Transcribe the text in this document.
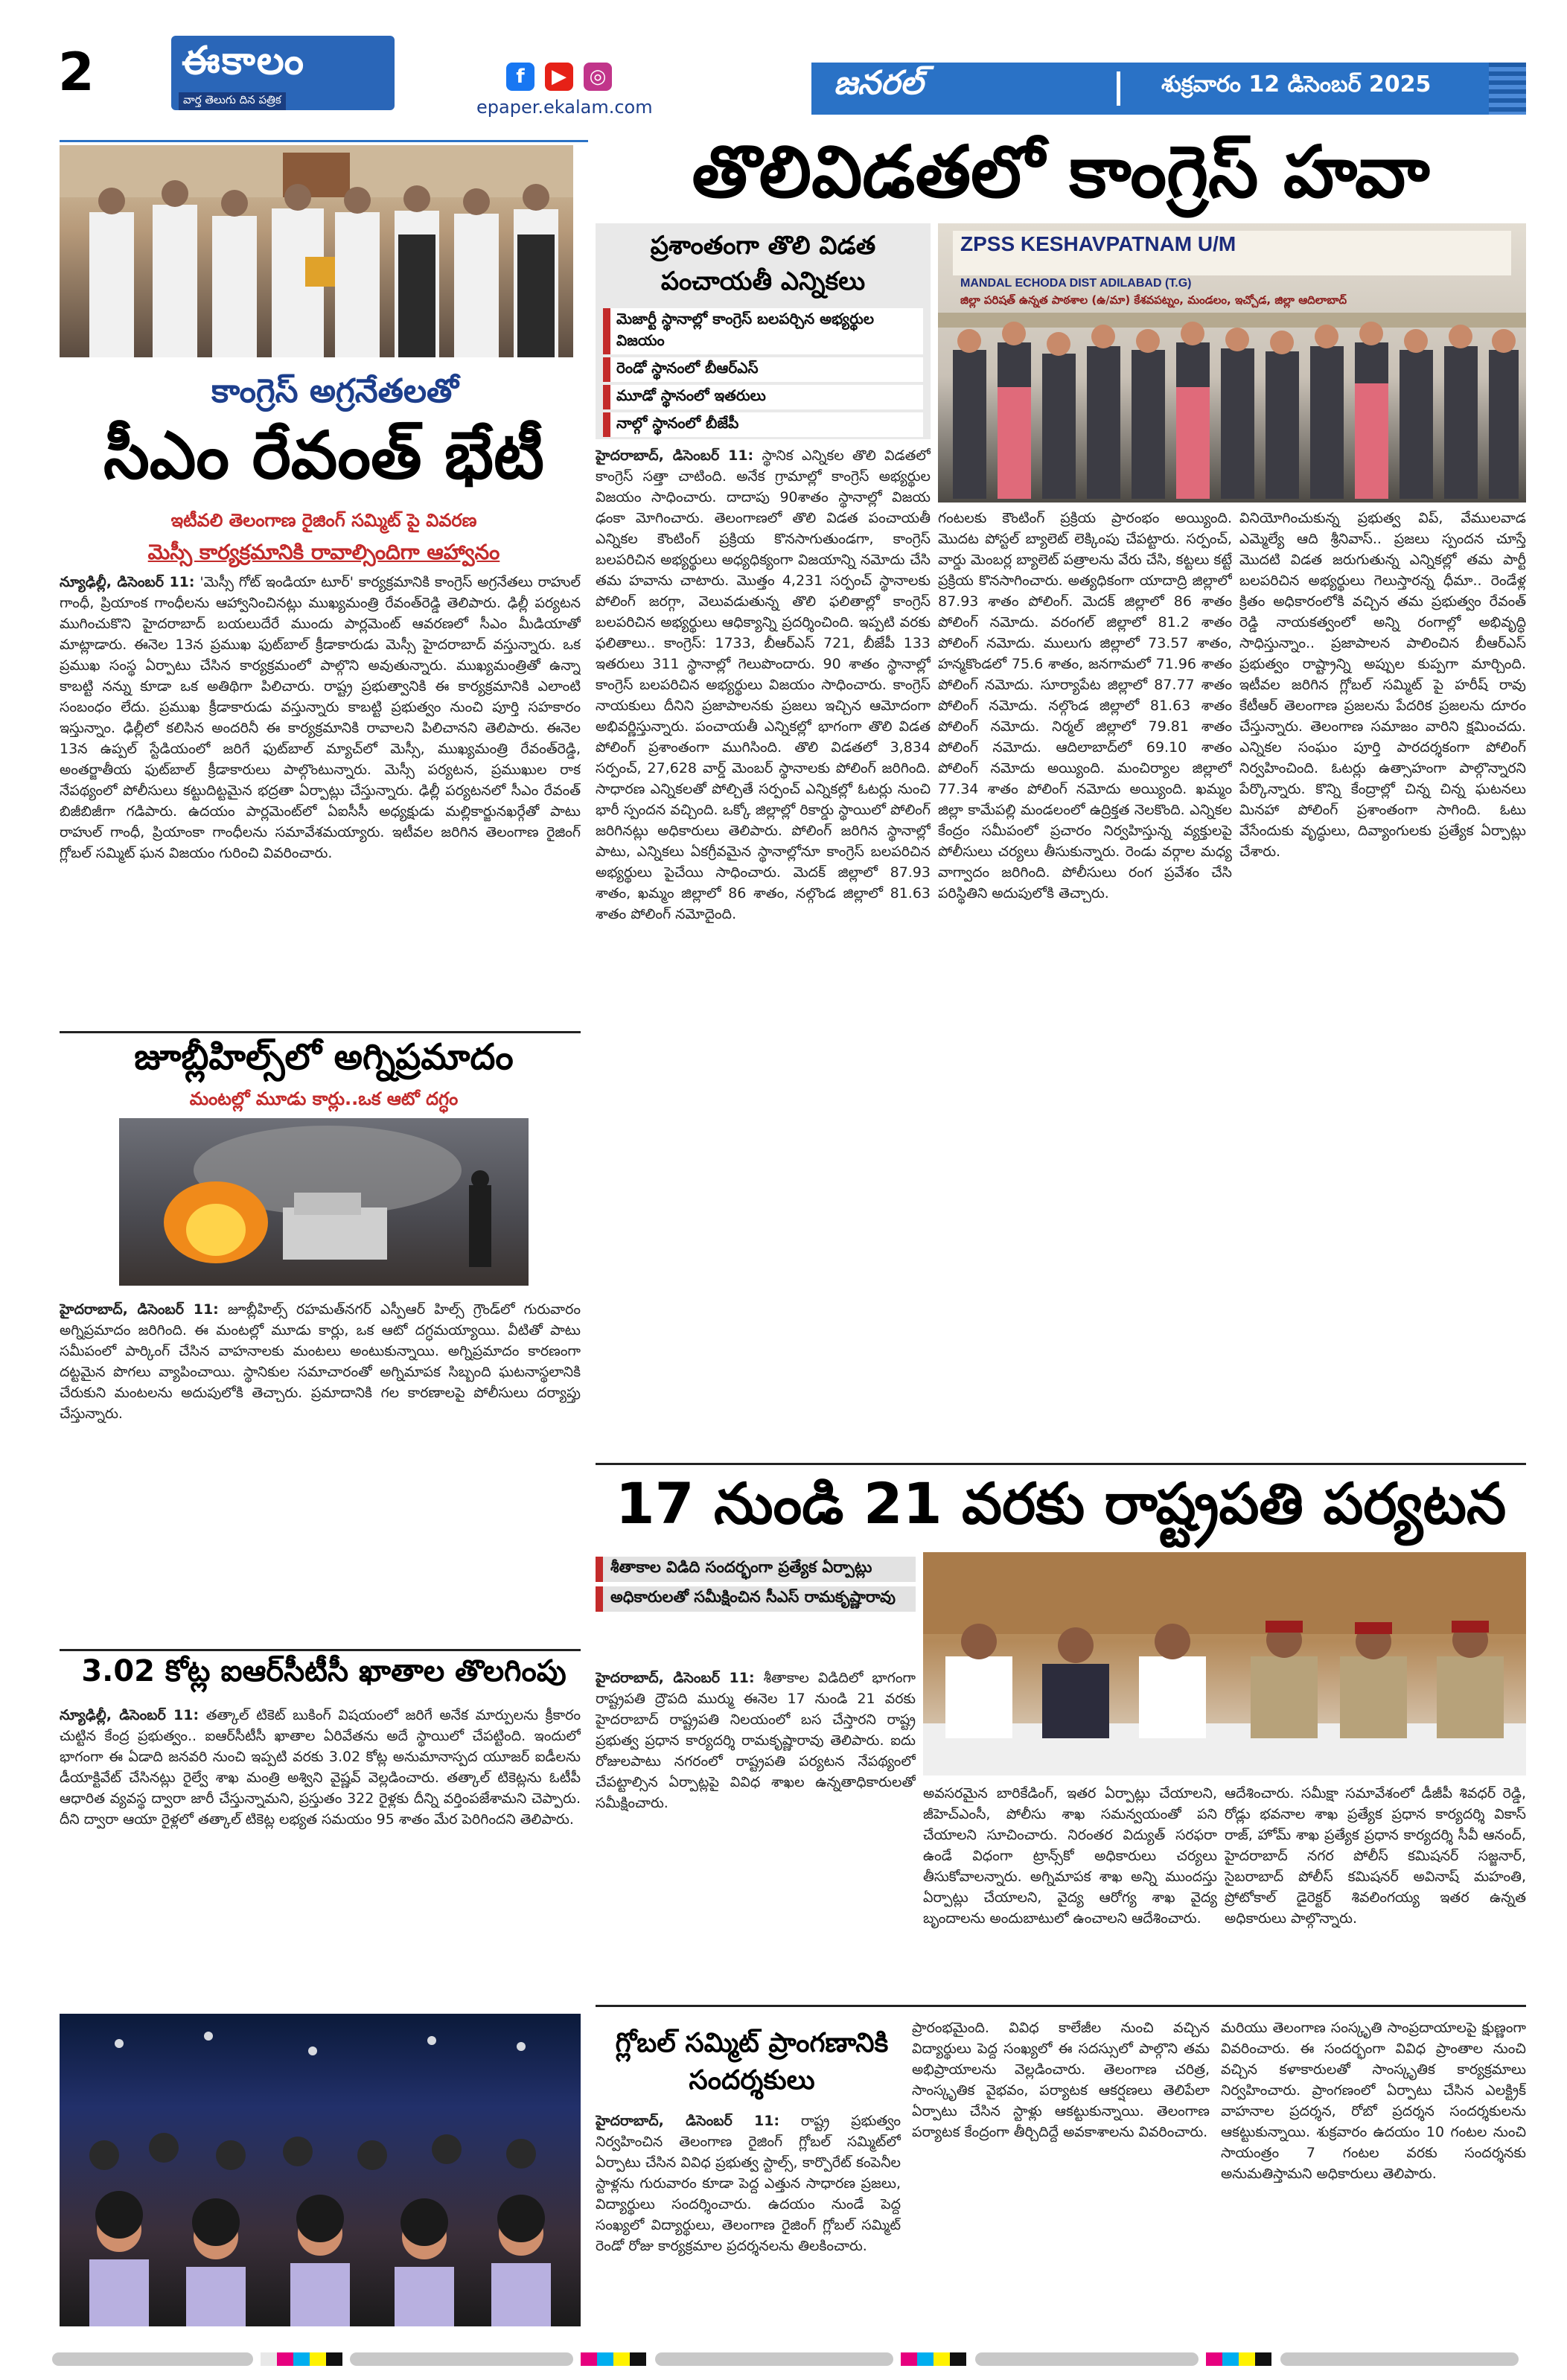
2	ఈకాలం
వార్త తెలుగు దిన పత్రిక
f ▶ ◎
epaper.ekalam.com
జనరల్	శుక్రవారం 12 డిసెంబర్ 2025
కాంగ్రెస్ అగ్రనేతలతో
సీఎం రేవంత్ భేటీ
ఇటీవలి తెలంగాణ రైజింగ్ సమ్మిట్ పై వివరణ
మెస్సీ కార్యక్రమానికి రావాల్సిందిగా ఆహ్వానం
న్యూఢిల్లీ, డిసెంబర్ 11: 'మెస్సీ గోట్ ఇండియా టూర్' కార్యక్రమానికి కాంగ్రెస్ అగ్రనేతలు రాహుల్ గాంధీ, ప్రియాంక గాంధీలను ఆహ్వానించినట్లు ముఖ్యమంత్రి రేవంత్‌రెడ్డి తెలిపారు. ఢిల్లీ పర్యటన ముగించుకొని హైదరాబాద్ బయలుదేరే ముందు పార్లమెంట్ ఆవరణలో సీఎం మీడియాతో మాట్లాడారు. ఈనెల 13న ప్రముఖ ఫుట్‌బాల్ క్రీడాకారుడు మెస్సీ హైదరాబాద్ వస్తున్నారు. ఒక ప్రముఖ సంస్థ ఏర్పాటు చేసిన కార్యక్రమంలో పాల్గొని అవుతున్నారు. ముఖ్యమంత్రితో ఉన్నా కాబట్టి నన్ను కూడా ఒక అతిథిగా పిలిచారు. రాష్ట్ర ప్రభుత్వానికి ఈ కార్యక్రమానికి ఎలాంటి సంబంధం లేదు. ప్రముఖ క్రీడాకారుడు వస్తున్నారు కాబట్టి ప్రభుత్వం నుంచి పూర్తి సహకారం ఇస్తున్నాం. ఢిల్లీలో కలిసిన అందరినీ ఈ కార్యక్రమానికి రావాలని పిలిచానని తెలిపారు. ఈనెల 13న ఉప్పల్ స్టేడియంలో జరిగే ఫుట్‌బాల్ మ్యాచ్‌లో మెస్సీ, ముఖ్యమంత్రి రేవంత్‌రెడ్డి, అంతర్జాతీయ ఫుట్‌బాల్ క్రీడాకారులు పాల్గొంటున్నారు. మెస్సీ పర్యటన, ప్రముఖుల రాక నేపథ్యంలో పోలీసులు కట్టుదిట్టమైన భద్రతా ఏర్పాట్లు చేస్తున్నారు. ఢిల్లీ పర్యటనలో సీఎం రేవంత్ బిజీబిజీగా గడిపారు. ఉదయం పార్లమెంట్‌లో ఏఐసీసీ అధ్యక్షుడు మల్లికార్జునఖర్గేతో పాటు రాహుల్ గాంధీ, ప్రియాంకా గాంధీలను సమావేశమయ్యారు. ఇటీవల జరిగిన తెలంగాణ రైజింగ్ గ్లోబల్ సమ్మిట్ ఘన విజయం గురించి వివరించారు.
జూబ్లీహిల్స్‌లో అగ్నిప్రమాదం
మంటల్లో మూడు కార్లు..ఒక ఆటో దగ్ధం
హైదరాబాద్, డిసెంబర్ 11: జూబ్లీహిల్స్ రహమత్‌నగర్ ఎస్పీఆర్ హిల్స్ గ్రౌండ్‌లో గురువారం అగ్నిప్రమాదం జరిగింది. ఈ మంటల్లో మూడు కార్లు, ఒక ఆటో దగ్ధమయ్యాయి. వీటితో పాటు సమీపంలో పార్కింగ్ చేసిన వాహనాలకు మంటలు అంటుకున్నాయి. అగ్నిప్రమాదం కారణంగా దట్టమైన పొగలు వ్యాపించాయి. స్థానికుల సమాచారంతో అగ్నిమాపక సిబ్బంది ఘటనాస్థలానికి చేరుకుని మంటలను అదుపులోకి తెచ్చారు. ప్రమాదానికి గల కారణాలపై పోలీసులు దర్యాప్తు చేస్తున్నారు.
3.02 కోట్ల ఐఆర్‌సీటీసీ ఖాతాల తొలగింపు
న్యూఢిల్లీ, డిసెంబర్ 11: తత్కాల్ టికెట్ బుకింగ్ విషయంలో జరిగే అనేక మార్పులను క్రీకారం చుట్టిన కేంద్ర ప్రభుత్వం.. ఐఆర్‌సీటీసీ ఖాతాల ఏరివేతను అదే స్థాయిలో చేపట్టింది. ఇందులో భాగంగా ఈ ఏడాది జనవరి నుంచి ఇప్పటి వరకు 3.02 కోట్ల అనుమానాస్పద యూజర్ ఐడీలను డీయాక్టివేట్ చేసినట్లు రైల్వే శాఖ మంత్రి అశ్విని వైష్ణవ్ వెల్లడించారు. తత్కాల్ టికెట్లను ఓటీపీ ఆధారిత వ్యవస్థ ద్వారా జారీ చేస్తున్నామని, ప్రస్తుతం 322 రైళ్లకు దీన్ని వర్తింపజేశామని చెప్పారు. దీని ద్వారా ఆయా రైళ్లలో తత్కాల్ టికెట్ల లభ్యత సమయం 95 శాతం మేర పెరిగిందని తెలిపారు.
తొలివిడతలో కాంగ్రెస్ హవా
ప్రశాంతంగా తొలి విడత పంచాయతీ ఎన్నికలు
మెజార్టీ స్థానాల్లో కాంగ్రెస్ బలపర్చిన అభ్యర్థుల విజయం
రెండో స్థానంలో బీఆర్ఎస్
మూడో స్థానంలో ఇతరులు
నాల్గో స్థానంలో బీజేపీ
ZPSS KESHAVPATNAM U/M
MANDAL ECHODA DIST ADILABAD (T.G)
జిల్లా పరిషత్ ఉన్నత పాఠశాల (ఉ/మా) కేశవపట్నం, మండలం, ఇచ్చోడ, జిల్లా ఆదిలాబాద్
హైదరాబాద్, డిసెంబర్ 11: స్థానిక ఎన్నికల తొలి విడతలో కాంగ్రెస్ సత్తా చాటింది. అనేక గ్రామాల్లో కాంగ్రెస్ అభ్యర్థుల విజయం సాధించారు. దాదాపు 90శాతం స్థానాల్లో విజయ ఢంకా మోగించారు. తెలంగాణలో తొలి విడత పంచాయతీ ఎన్నికల కౌంటింగ్ ప్రక్రియ కొనసాగుతుండగా, కాంగ్రెస్ బలపరిచిన అభ్యర్థులు అధ్యధిక్యంగా విజయాన్ని నమోదు చేసి తమ హవాను చాటారు. మొత్తం 4,231 సర్పంచ్ స్థానాలకు పోలింగ్ జరగ్గా, వెలువడుతున్న తొలి ఫలితాల్లో కాంగ్రెస్ బలపరిచిన అభ్యర్థులు ఆధిక్యాన్ని ప్రదర్శించింది. ఇప్పటి వరకు ఫలితాలు.. కాంగ్రెస్: 1733, బీఆర్ఎస్ 721, బీజేపీ 133 ఇతరులు 311 స్థానాల్లో గెలుపొందారు. 90 శాతం స్థానాల్లో కాంగ్రెస్ బలపరిచిన అభ్యర్థులు విజయం సాధించారు. కాంగ్రెస్ నాయకులు దీనిని ప్రజాపాలనకు ప్రజలు ఇచ్చిన ఆమోదంగా అభివర్ణిస్తున్నారు. పంచాయతీ ఎన్నికల్లో భాగంగా తొలి విడత పోలింగ్ ప్రశాంతంగా ముగిసింది. తొలి విడతలో 3,834 సర్పంచ్, 27,628 వార్డ్ మెంబర్ స్థానాలకు పోలింగ్ జరిగింది. సాధారణ ఎన్నికలతో పోల్చితే సర్పంచ్ ఎన్నికల్లో ఓటర్లు నుంచి భారీ స్పందన వచ్చింది. ఒక్కో జిల్లాల్లో రికార్డు స్థాయిలో పోలింగ్ జరిగినట్లు అధికారులు తెలిపారు. పోలింగ్ జరిగిన స్థానాల్లో పాటు, ఎన్నికలు ఏకగ్రీవమైన స్థానాల్లోనూ కాంగ్రెస్ బలపరిచిన అభ్యర్థులు పైచేయి సాధించారు. మెదక్ జిల్లాలో 87.93 శాతం, ఖమ్మం జిల్లాలో 86 శాతం, నల్గొండ జిల్లాలో 81.63 శాతం పోలింగ్ నమోదైంది.
గంటలకు కౌంటింగ్ ప్రక్రియ ప్రారంభం అయ్యింది. మొదట పోస్టల్ బ్యాలెట్ లెక్కింపు చేపట్టారు. సర్పంచ్, వార్డు మెంబర్ల బ్యాలెట్ పత్రాలను వేరు చేసి, కట్టలు కట్టే ప్రక్రియ కొనసాగించారు. అత్యధికంగా యాదాద్రి జిల్లాలో 87.93 శాతం పోలింగ్. మెదక్ జిల్లాలో 86 శాతం పోలింగ్ నమోదు. వరంగల్ జిల్లాలో 81.2 శాతం పోలింగ్ నమోదు. ములుగు జిల్లాలో 73.57 శాతం, హన్మకొండలో 75.6 శాతం, జనగామలో 71.96 శాతం పోలింగ్ నమోదు. సూర్యాపేట జిల్లాలో 87.77 శాతం పోలింగ్ నమోదు. నల్గొండ జిల్లాలో 81.63 శాతం పోలింగ్ నమోదు. నిర్మల్ జిల్లాలో 79.81 శాతం పోలింగ్ నమోదు. ఆదిలాబాద్‌లో 69.10 శాతం పోలింగ్ నమోదు అయ్యింది. మంచిర్యాల జిల్లాలో 77.34 శాతం పోలింగ్ నమోదు అయ్యింది. ఖమ్మం జిల్లా కామేపల్లి మండలంలో ఉద్రిక్తత నెలకొంది. ఎన్నికల కేంద్రం సమీపంలో ప్రచారం నిర్వహిస్తున్న వ్యక్తులపై పోలీసులు చర్యలు తీసుకున్నారు. రెండు వర్గాల మధ్య వాగ్వాదం జరిగింది. పోలీసులు రంగ ప్రవేశం చేసి పరిస్థితిని అదుపులోకి తెచ్చారు.
వినియోగించుకున్న ప్రభుత్వ విప్, వేములవాడ ఎమ్మెల్యే ఆది శ్రీనివాస్.. ప్రజలు స్పందన చూస్తే మొదటి విడత జరుగుతున్న ఎన్నికల్లో తమ పార్టీ బలపరిచిన అభ్యర్థులు గెలుస్తారన్న ధీమా.. రెండేళ్ల క్రితం అధికారంలోకి వచ్చిన తమ ప్రభుత్వం రేవంత్ రెడ్డి నాయకత్వంలో అన్ని రంగాల్లో అభివృద్ధి సాధిస్తున్నాం.. ప్రజాపాలన పాలించిన బీఆర్ఎస్ ప్రభుత్వం రాష్ట్రాన్ని అప్పుల కుప్పగా మార్చింది. ఇటీవల జరిగిన గ్లోబల్ సమ్మిట్ పై హరీష్ రావు కేటీఆర్ తెలంగాణ ప్రజలను పేదరిక ప్రజలను దూరం చేస్తున్నారు. తెలంగాణ సమాజం వారిని క్షమించదు. ఎన్నికల సంఘం పూర్తి పారదర్శకంగా పోలింగ్ నిర్వహించింది. ఓటర్లు ఉత్సాహంగా పాల్గొన్నారని పేర్కొన్నారు. కొన్ని కేంద్రాల్లో చిన్న చిన్న ఘటనలు మినహా పోలింగ్ ప్రశాంతంగా సాగింది. ఓటు వేసేందుకు వృద్ధులు, దివ్యాంగులకు ప్రత్యేక ఏర్పాట్లు చేశారు.
17 నుండి 21 వరకు రాష్ట్రపతి పర్యటన
శీతాకాల విడిది సందర్భంగా ప్రత్యేక ఏర్పాట్లు
అధికారులతో సమీక్షించిన సీఎస్ రామకృష్ణారావు
హైదరాబాద్, డిసెంబర్ 11: శీతాకాల విడిదిలో భాగంగా రాష్ట్రపతి ద్రౌపది ముర్ము ఈనెల 17 నుండి 21 వరకు హైదరాబాద్ రాష్ట్రపతి నిలయంలో బస చేస్తారని రాష్ట్ర ప్రభుత్వ ప్రధాన కార్యదర్శి రామకృష్ణారావు తెలిపారు. ఐదు రోజులపాటు నగరంలో రాష్ట్రపతి పర్యటన నేపథ్యంలో చేపట్టాల్సిన ఏర్పాట్లపై వివిధ శాఖల ఉన్నతాధికారులతో సమీక్షించారు.
అవసరమైన బారికేడింగ్, ఇతర ఏర్పాట్లు చేయాలని, జీహెచ్ఎంసీ, పోలీసు శాఖ సమన్వయంతో పని చేయాలని సూచించారు. నిరంతర విద్యుత్ సరఫరా ఉండే విధంగా ట్రాన్స్‌కో అధికారులు చర్యలు తీసుకోవాలన్నారు. అగ్నిమాపక శాఖ అన్ని ముందస్తు ఏర్పాట్లు చేయాలని, వైద్య ఆరోగ్య శాఖ వైద్య బృందాలను అందుబాటులో ఉంచాలని ఆదేశించారు.
ఆదేశించారు. సమీక్షా సమావేశంలో డీజీపీ శివధర్ రెడ్డి, రోడ్లు భవనాల శాఖ ప్రత్యేక ప్రధాన కార్యదర్శి వికాస్ రాజ్, హోమ్ శాఖ ప్రత్యేక ప్రధాన కార్యదర్శి సీవీ ఆనంద్, హైదరాబాద్ నగర పోలీస్ కమిషనర్ సజ్జనార్, సైబరాబాద్ పోలీస్ కమిషనర్ అవినాష్ మహంతి, ప్రోటోకాల్ డైరెక్టర్ శివలింగయ్య ఇతర ఉన్నత అధికారులు పాల్గొన్నారు.
గ్లోబల్ సమ్మిట్ ప్రాంగణానికి సందర్శకులు
హైదరాబాద్, డిసెంబర్ 11: రాష్ట్ర ప్రభుత్వం నిర్వహించిన తెలంగాణ రైజింగ్ గ్లోబల్ సమ్మిట్‌లో ఏర్పాటు చేసిన వివిధ ప్రభుత్వ స్టాల్స్, కార్పొరేట్ కంపెనీల స్టాళ్లను గురువారం కూడా పెద్ద ఎత్తున సాధారణ ప్రజలు, విద్యార్థులు సందర్శించారు. ఉదయం నుండే పెద్ద సంఖ్యలో విద్యార్థులు, తెలంగాణ రైజింగ్ గ్లోబల్ సమ్మిట్ రెండో రోజు కార్యక్రమాల ప్రదర్శనలను తిలకించారు.
ప్రారంభమైంది. వివిధ కాలేజీల నుంచి వచ్చిన విద్యార్థులు పెద్ద సంఖ్యలో ఈ సదస్సులో పాల్గొని తమ అభిప్రాయాలను వెల్లడించారు. తెలంగాణ చరిత్ర, సాంస్కృతిక వైభవం, పర్యాటక ఆకర్షణలు తెలిపేలా ఏర్పాటు చేసిన స్టాళ్లు ఆకట్టుకున్నాయి. తెలంగాణ పర్యాటక కేంద్రంగా తీర్చిదిద్దే అవకాశాలను వివరించారు.
మరియు తెలంగాణ సంస్కృతి సాంప్రదాయాలపై క్షుణ్ణంగా వివరించారు. ఈ సందర్భంగా వివిధ ప్రాంతాల నుంచి వచ్చిన కళాకారులతో సాంస్కృతిక కార్యక్రమాలు నిర్వహించారు. ప్రాంగణంలో ఏర్పాటు చేసిన ఎలక్ట్రిక్ వాహనాల ప్రదర్శన, రోబో ప్రదర్శన సందర్శకులను ఆకట్టుకున్నాయి. శుక్రవారం ఉదయం 10 గంటల నుంచి సాయంత్రం 7 గంటల వరకు సందర్శనకు అనుమతిస్తామని అధికారులు తెలిపారు.
